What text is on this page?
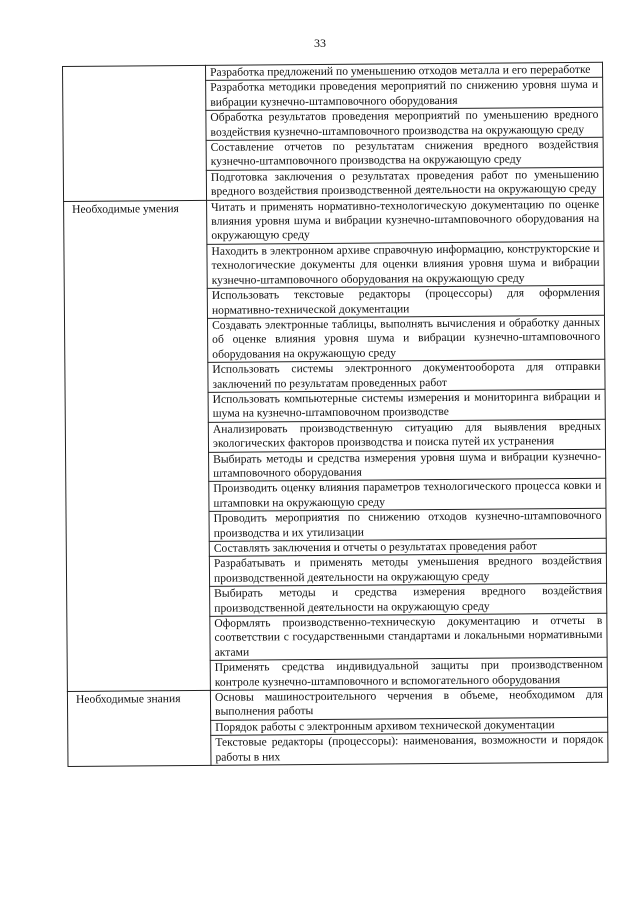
33
	Разработка предложений по уменьшению отходов металла и его переработке
	Разработка методики проведения мероприятий по снижению уровня шума и вибрации кузнечно-штамповочного оборудования
	Обработка результатов проведения мероприятий по уменьшению вредного воздействия кузнечно-штамповочного производства на окружающую среду
	Составление отчетов по результатам снижения вредного воздействия кузнечно-штамповочного производства на окружающую среду
	Подготовка заключения о результатах проведения работ по уменьшению вредного воздействия производственной деятельности на окружающую среду
Необходимые умения	Читать и применять нормативно-технологическую документацию по оценке влияния уровня шума и вибрации кузнечно-штамповочного оборудования на окружающую среду
	Находить в электронном архиве справочную информацию, конструкторские и технологические документы для оценки влияния уровня шума и вибрации кузнечно-штамповочного оборудования на окружающую среду
	Использовать текстовые редакторы (процессоры) для оформления нормативно-технической документации
	Создавать электронные таблицы, выполнять вычисления и обработку данных об оценке влияния уровня шума и вибрации кузнечно-штамповочного оборудования на окружающую среду
	Использовать системы электронного документооборота для отправки заключений по результатам проведенных работ
	Использовать компьютерные системы измерения и мониторинга вибрации и шума на кузнечно-штамповочном производстве
	Анализировать производственную ситуацию для выявления вредных экологических факторов производства и поиска путей их устранения
	Выбирать методы и средства измерения уровня шума и вибрации кузнечно-штамповочного оборудования
	Производить оценку влияния параметров технологического процесса ковки и штамповки на окружающую среду
	Проводить мероприятия по снижению отходов кузнечно-штамповочного производства и их утилизации
	Составлять заключения и отчеты о результатах проведения работ
	Разрабатывать и применять методы уменьшения вредного воздействия производственной деятельности на окружающую среду
	Выбирать методы и средства измерения вредного воздействия производственной деятельности на окружающую среду
	Оформлять производственно-техническую документацию и отчеты в соответствии с государственными стандартами и локальными нормативными актами
	Применять средства индивидуальной защиты при производственном контроле кузнечно-штамповочного и вспомогательного оборудования
Необходимые знания	Основы машиностроительного черчения в объеме, необходимом для выполнения работы
	Порядок работы с электронным архивом технической документации
	Текстовые редакторы (процессоры): наименования, возможности и порядок работы в них
